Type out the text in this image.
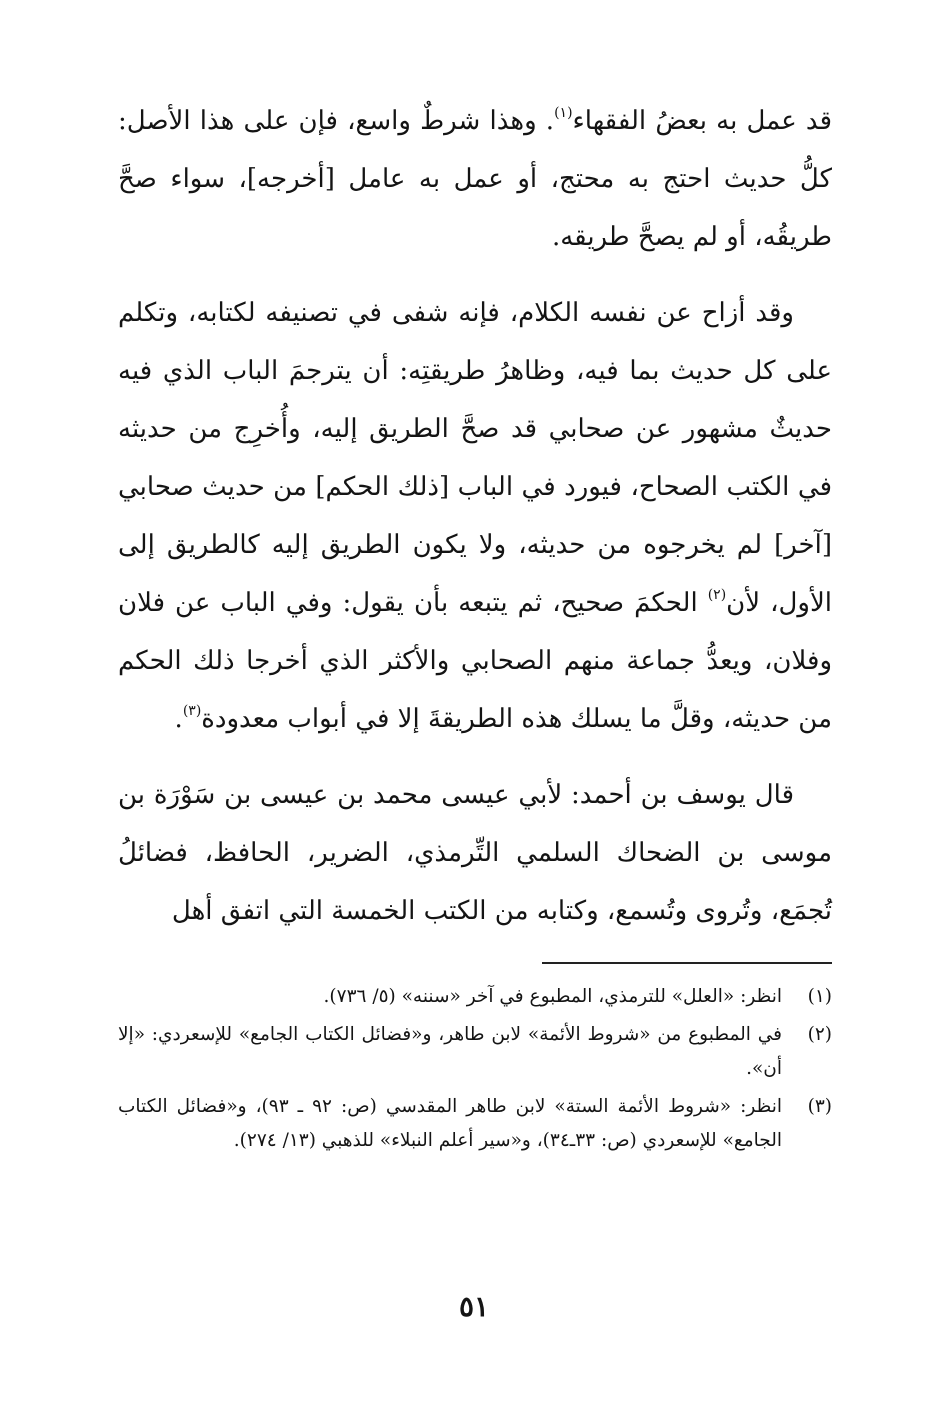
قد عمل به بعضُ الفقهاء$^{(١)}$. وهذا شرطٌ واسع، فإن على هذا الأصل: كلُّ حديث احتج به محتج، أو عمل به عامل [أخرجه]، سواء صحَّ طريقُه، أو لم يصحَّ طريقه.

وقد أزاح عن نفسه الكلام، فإنه شفى في تصنيفه لكتابه، وتكلم على كل حديث بما فيه، وظاهرُ طريقتِه: أن يترجمَ الباب الذي فيه حديثٌ مشهور عن صحابي قد صحَّ الطريق إليه، وأُخرِج من حديثه في الكتب الصحاح، فيورد في الباب [ذلك الحكم] من حديث صحابي [آخر] لم يخرجوه من حديثه، ولا يكون الطريق إليه كالطريق إلى الأول، لأن$^{(٢)}$ الحكمَ صحيح، ثم يتبعه بأن يقول: وفي الباب عن فلان وفلان، ويعدُّ جماعة منهم الصحابي والأكثر الذي أخرجا ذلك الحكم من حديثه، وقلَّ ما يسلك هذه الطريقةَ إلا في أبواب معدودة$^{(٣)}$.

قال يوسف بن أحمد: لأبي عيسى محمد بن عيسى بن سَوْرَة بن موسى بن الضحاك السلمي التِّرمذي، الضرير، الحافظ، فضائلُ تُجمَع، وتُروى وتُسمع، وكتابه من الكتب الخمسة التي اتفق أهل

(١)
انظر: «العلل» للترمذي، المطبوع في آخر «سننه» (٥/ ٧٣٦).
(٢)
في المطبوع من «شروط الأئمة» لابن طاهر، و«فضائل الكتاب الجامع» للإسعردي: «إلا أن».
(٣)
انظر: «شروط الأئمة الستة» لابن طاهر المقدسي (ص: ٩٢ ـ ٩٣)، و«فضائل الكتاب الجامع» للإسعردي (ص: ٣٣ـ٣٤)، و«سير أعلم النبلاء» للذهبي (١٣/ ٢٧٤).
٥١
